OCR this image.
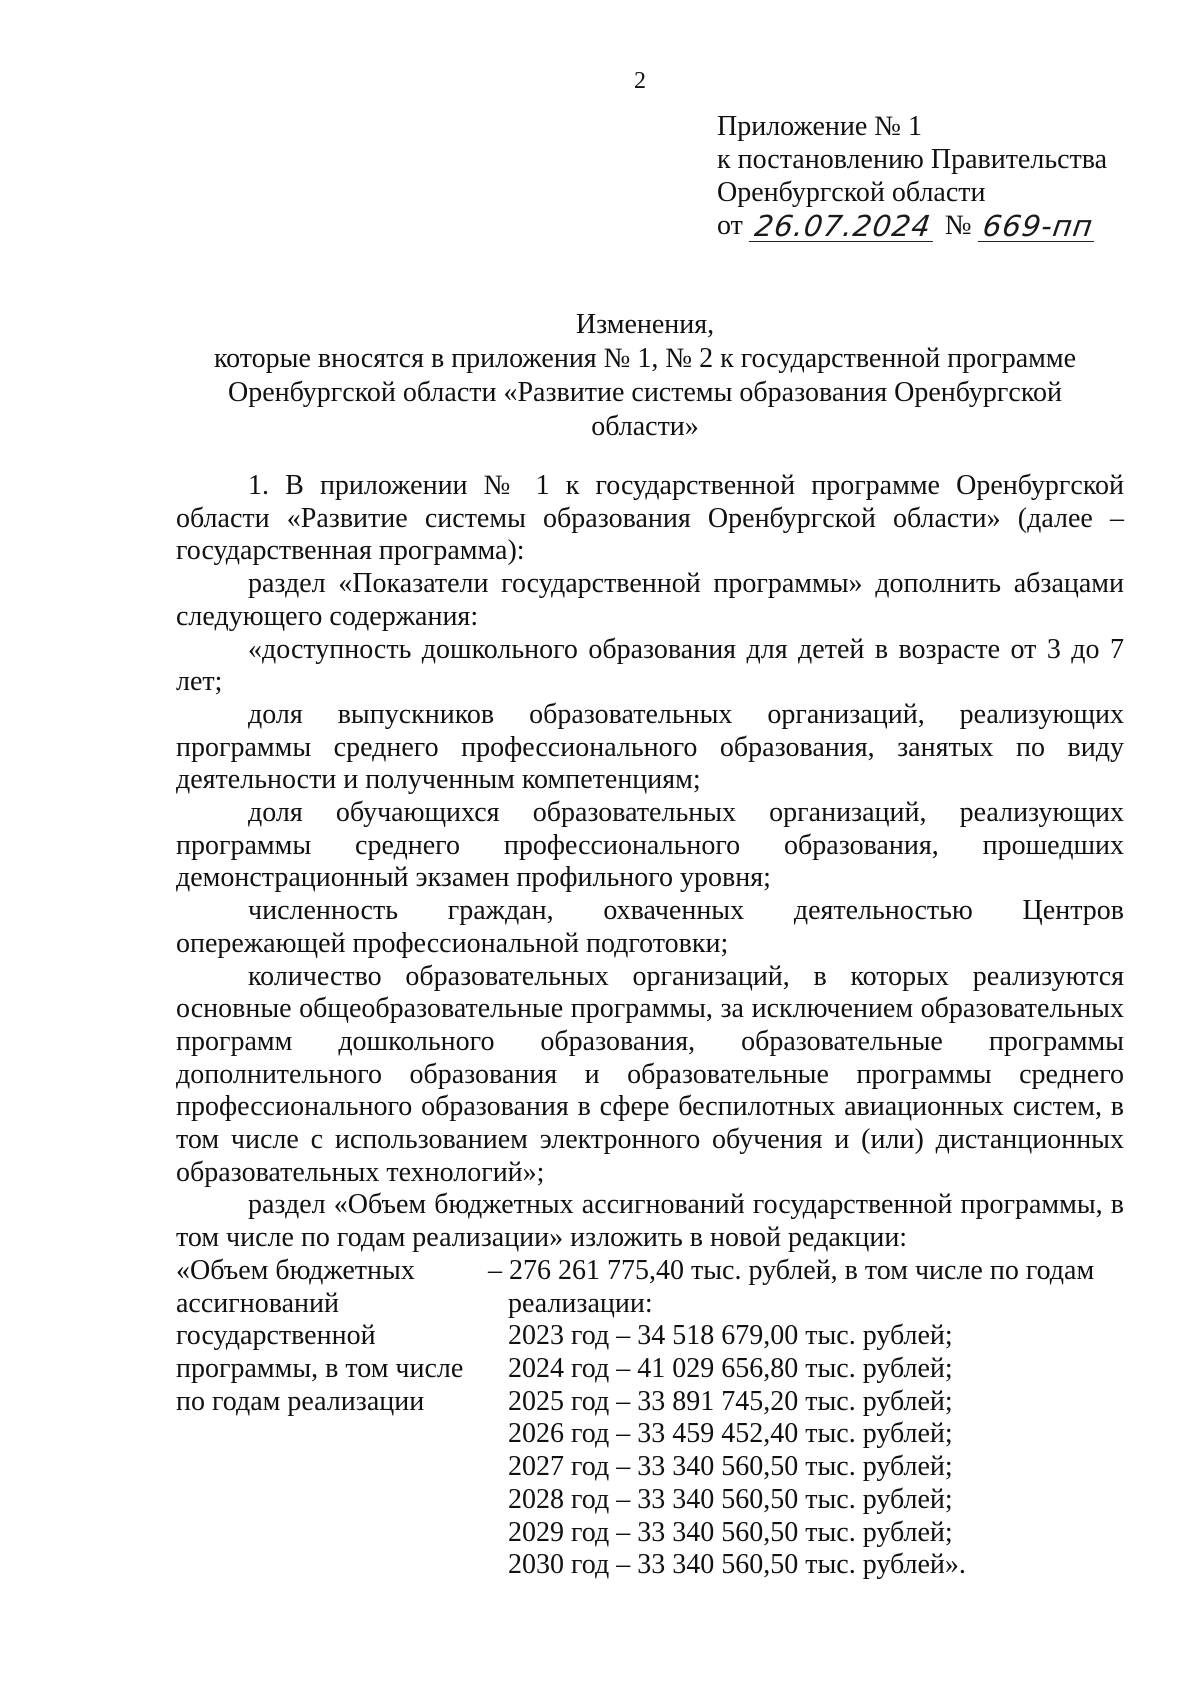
2
Приложение № 1
к постановлению Правительства
Оренбургской области
от 26.07.2024 № 669-пп
Изменения,
которые вносятся в приложения № 1, № 2 к государственной программе
Оренбургской области «Развитие системы образования Оренбургской
области»

1. В приложении № 1 к государственной программе Оренбургской области «Развитие системы образования Оренбургской области» (далее – государственная программа):

раздел «Показатели государственной программы» дополнить абзацами следующего содержания:

«доступность дошкольного образования для детей в возрасте от 3 до 7 лет;

доля выпускников образовательных организаций, реализующих программы среднего профессионального образования, занятых по виду деятельности и полученным компетенциям;

доля обучающихся образовательных организаций, реализующих программы среднего профессионального образования, прошедших демонстрационный экзамен профильного уровня;

численность граждан, охваченных деятельностью Центров опережающей профессиональной подготовки;

количество образовательных организаций, в которых реализуются основные общеобразовательные программы, за исключением образовательных программ дошкольного образования, образовательные программы дополнительного образования и образовательные программы среднего профессионального образования в сфере беспилотных авиационных систем, в том числе с использованием электронного обучения и (или) дистанционных образовательных технологий»;

раздел «Объем бюджетных ассигнований государственной программы, в том числе по годам реализации» изложить в новой редакции:

«Объем бюджетных
ассигнований
государственной
программы, в том числе
по годам реализации
– 276 261 775,40 тыс. рублей, в том числе по годам
реализации:
2023 год – 34 518 679,00 тыс. рублей;
2024 год – 41 029 656,80 тыс. рублей;
2025 год – 33 891 745,20 тыс. рублей;
2026 год – 33 459 452,40 тыс. рублей;
2027 год – 33 340 560,50 тыс. рублей;
2028 год – 33 340 560,50 тыс. рублей;
2029 год – 33 340 560,50 тыс. рублей;
2030 год – 33 340 560,50 тыс. рублей».
